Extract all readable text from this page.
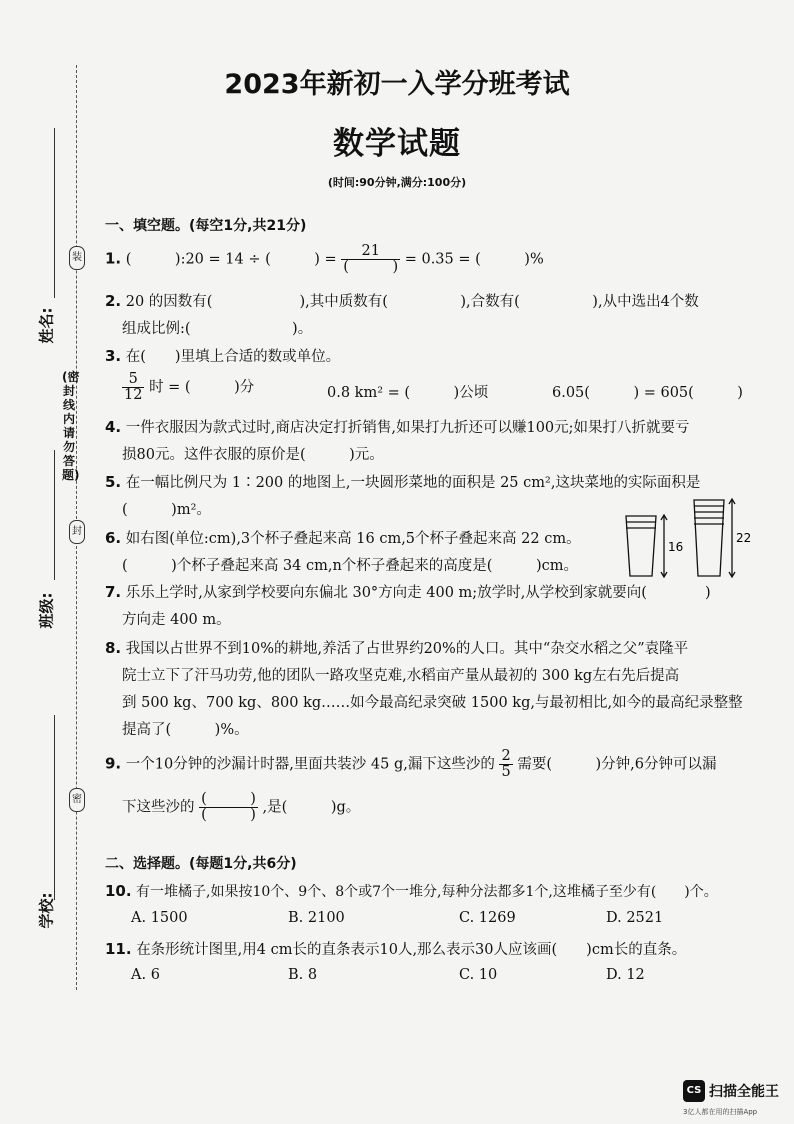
姓名:
班级:
学校:
装
封
密
(密封线内请勿答题)
2023年新初一入学分班考试
数学试题
(时间:90分钟,满分:100分)
一、填空题。(每空1分,共21分)
1. (　　　):20 = 14 ÷ (　　　) = $\frac{21}{( )} = 0.35$ = (　　　)%
2. 20 的因数有(　　　　　　),其中质数有(　　　　　),合数有(　　　　　),从中选出4个数
组成比例:(　　　　　　　)。
3. 在(　　)里填上合适的数或单位。
$\frac{5}{12}$ 时 = (　　　)分	0.8 km² = (　　　)公顷	6.05(　　　) = 605(　　　)
4. 一件衣服因为款式过时,商店决定打折销售,如果打九折还可以赚100元;如果打八折就要亏
损80元。这件衣服的原价是(　　　)元。
5. 在一幅比例尺为 1∶200 的地图上,一块圆形菜地的面积是 25 cm²,这块菜地的实际面积是
(　　　)m²。
6. 如右图(单位:cm),3个杯子叠起来高 16 cm,5个杯子叠起来高 22 cm。
(　　　)个杯子叠起来高 34 cm,n个杯子叠起来的高度是(　　　)cm。
16
22
7. 乐乐上学时,从家到学校要向东偏北 30°方向走 400 m;放学时,从学校到家就要向(　　　　)
方向走 400 m。
8. 我国以占世界不到10%的耕地,养活了占世界约20%的人口。其中“杂交水稻之父”袁隆平
院士立下了汗马功劳,他的团队一路攻坚克难,水稻亩产量从最初的 300 kg左右先后提高
到 500 kg、700 kg、800 kg……如今最高纪录突破 1500 kg,与最初相比,如今的最高纪录整整
提高了(　　　)%。
9. 一个10分钟的沙漏计时器,里面共装沙 45 g,漏下这些沙的 $\frac{2}{5}$ 需要(　　　)分钟,6分钟可以漏
下这些沙的 $\frac{( )}{( )}$ ,是(　　　)g。
二、选择题。(每题1分,共6分)
10. 有一堆橘子,如果按10个、9个、8个或7个一堆分,每种分法都多1个,这堆橘子至少有(　　)个。
A. 1500	B. 2100	C. 1269	D. 2521
11. 在条形统计图里,用4 cm长的直条表示10人,那么表示30人应该画(　　)cm长的直条。
A. 6	B. 8	C. 10	D. 12
CS 扫描全能王
3亿人都在用的扫描App
